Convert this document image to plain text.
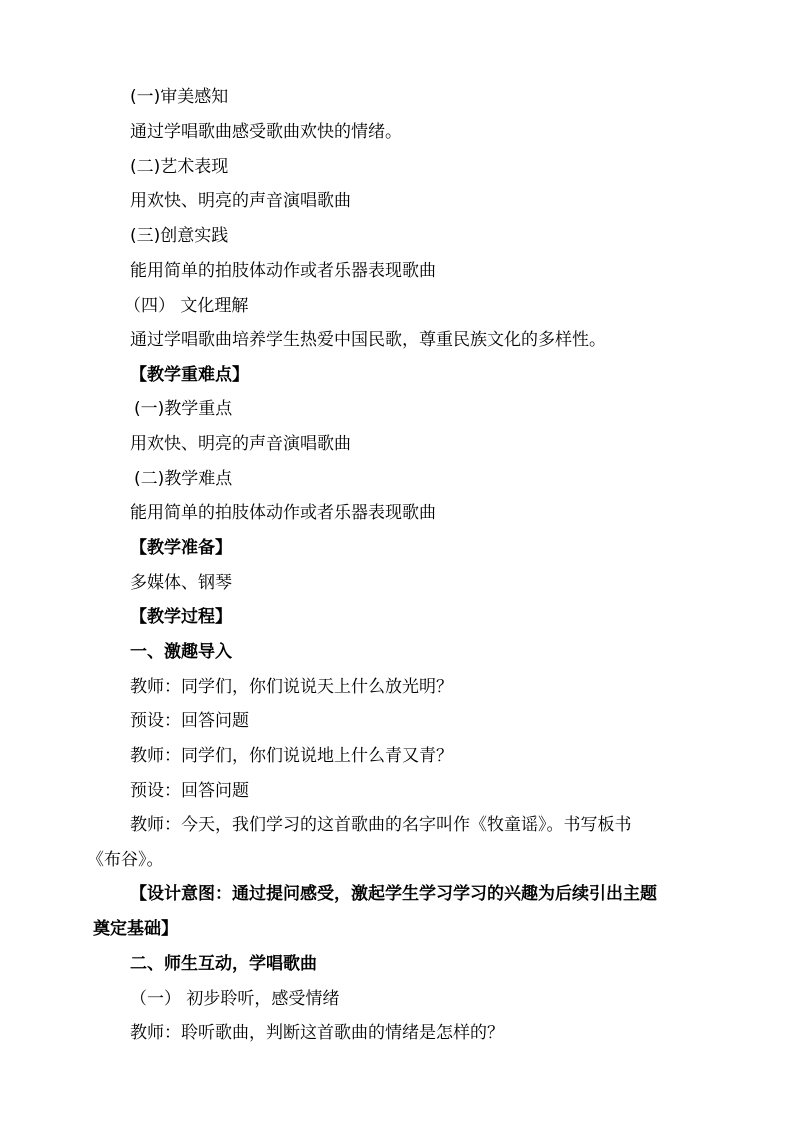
(一)审美感知
通过学唱歌曲感受歌曲欢快的情绪。
(二)艺术表现
用欢快、明亮的声音演唱歌曲
(三)创意实践
能用简单的拍肢体动作或者乐器表现歌曲
（四） 文化理解
通过学唱歌曲培养学生热爱中国民歌，尊重民族文化的多样性。
【教学重难点】
(一)教学重点
用欢快、明亮的声音演唱歌曲
(二)教学难点
能用简单的拍肢体动作或者乐器表现歌曲
【教学准备】
多媒体、钢琴
【教学过程】
一、激趣导入
教师：同学们，你们说说天上什么放光明？
预设：回答问题
教师：同学们，你们说说地上什么青又青？
预设：回答问题
教师：今天，我们学习的这首歌曲的名字叫作《牧童谣》。书写板书
《布谷》。
【设计意图：通过提问感受，激起学生学习学习的兴趣为后续引出主题
奠定基础】
二、师生互动，学唱歌曲
（一） 初步聆听，感受情绪
教师：聆听歌曲，判断这首歌曲的情绪是怎样的？
